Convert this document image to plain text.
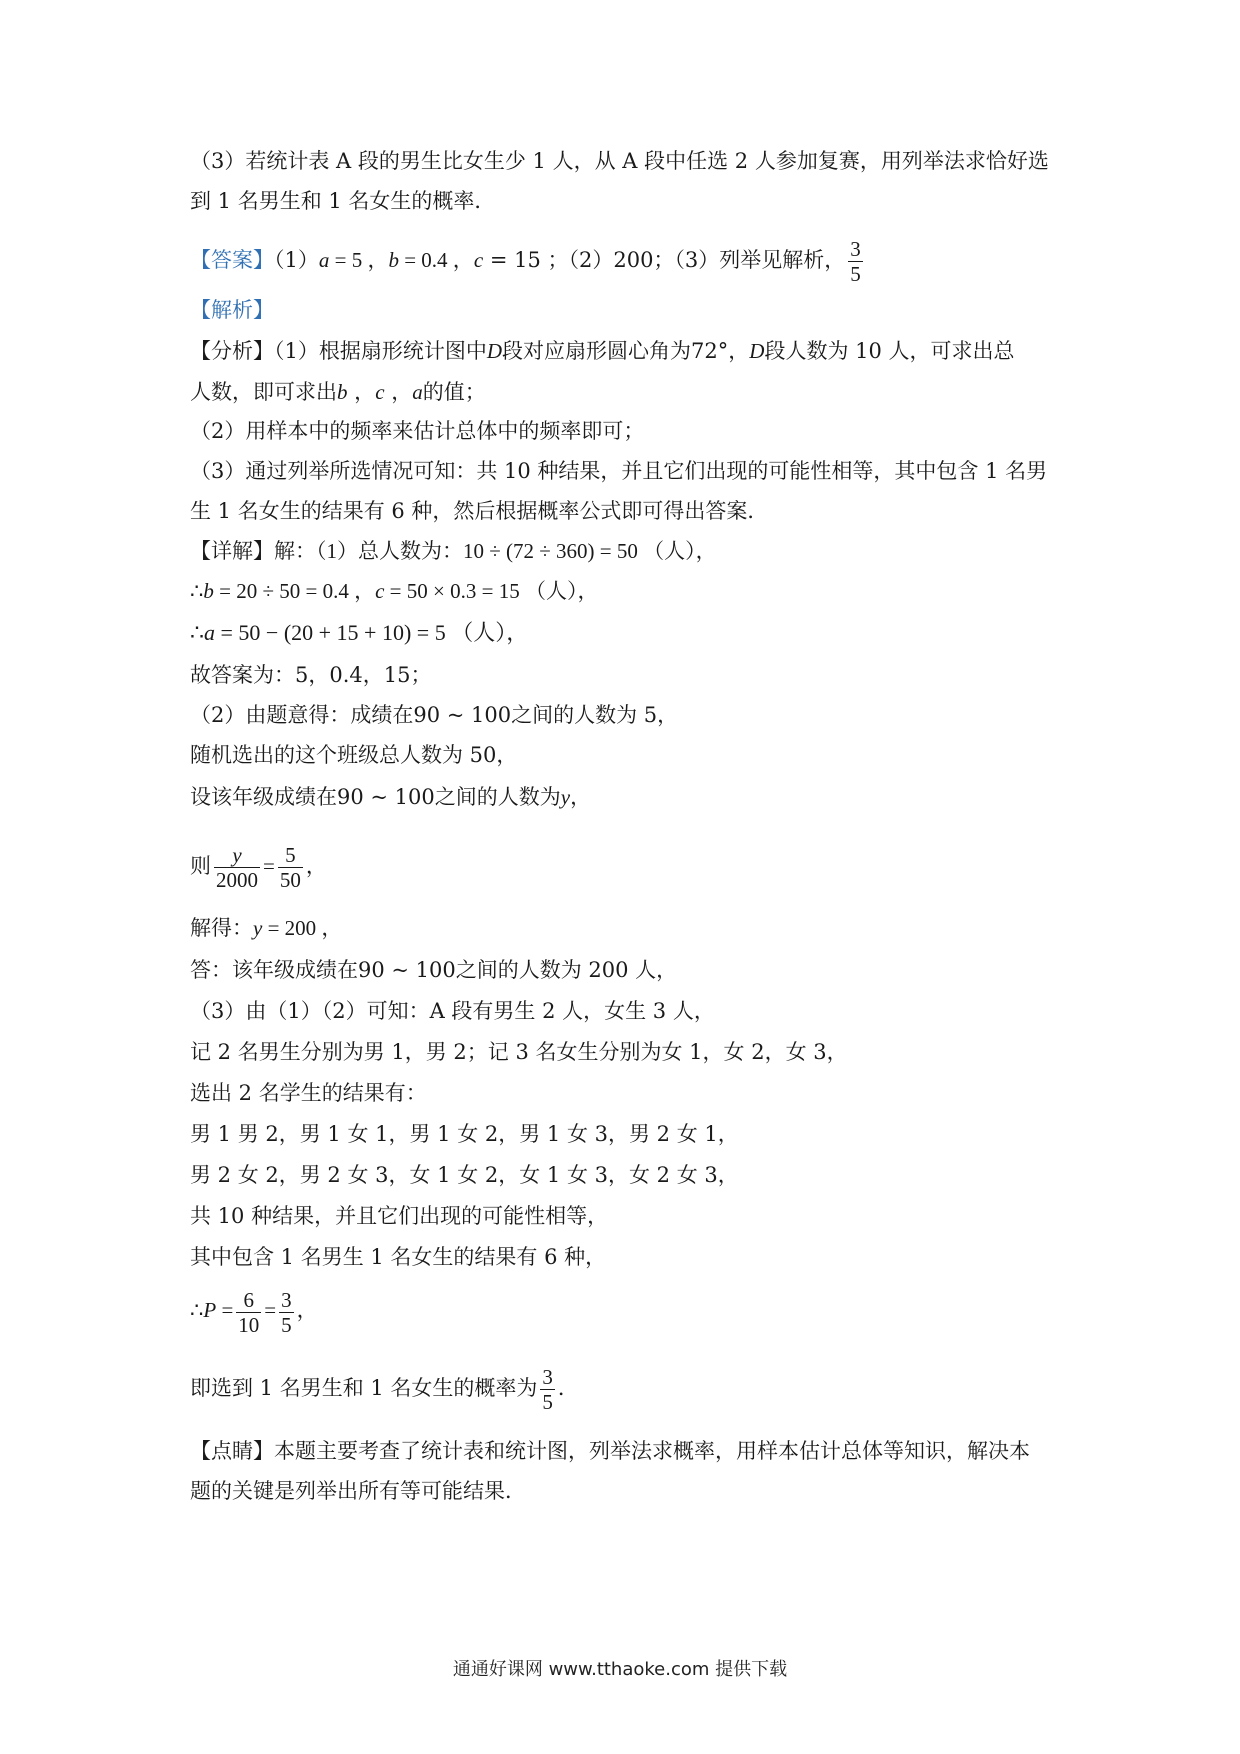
（3）若统计表 A 段的男生比女生少 1 人，从 A 段中任选 2 人参加复赛，用列举法求恰好选
到 1 名男生和 1 名女生的概率．
【答案】（1）a = 5 ，b = 0.4 ，c = 15 ；（2）200；（3）列举见解析， $\frac{3}{5}$
【解析】
【分析】（1）根据扇形统计图中D段对应扇形圆心角为72°，D段人数为 10 人，可求出总
人数，即可求出b ，c ，a的值；
（2）用样本中的频率来估计总体中的频率即可；
（3）通过列举所选情况可知：共 10 种结果，并且它们出现的可能性相等，其中包含 1 名男
生 1 名女生的结果有 6 种，然后根据概率公式即可得出答案．
【详解】解：（1）总人数为：10 ÷ (72 ÷ 360) = 50 （人），
∴b = 20 ÷ 50 = 0.4 ，c = 50 × 0.3 = 15 （人），
∴a = 50 − (20 + 15 + 10) = 5 （人），
故答案为：5，0.4，15；
（2）由题意得：成绩在90 ~ 100之间的人数为 5，
随机选出的这个班级总人数为 50，
设该年级成绩在90 ~ 100之间的人数为y，
则 $\frac{y}{2000} = \frac{5}{50}$ ，
解得：y = 200 ，
答：该年级成绩在90 ~ 100之间的人数为 200 人，
（3）由（1）（2）可知：A 段有男生 2 人，女生 3 人，
记 2 名男生分别为男 1，男 2；记 3 名女生分别为女 1，女 2，女 3，
选出 2 名学生的结果有：
男 1 男 2，男 1 女 1，男 1 女 2，男 1 女 3，男 2 女 1，
男 2 女 2，男 2 女 3，女 1 女 2，女 1 女 3，女 2 女 3，
共 10 种结果，并且它们出现的可能性相等，
其中包含 1 名男生 1 名女生的结果有 6 种，
∴P = $\frac{6}{10} = \frac{3}{5}$ ，
即选到 1 名男生和 1 名女生的概率为 $\frac{3}{5}$ ．
【点睛】本题主要考查了统计表和统计图，列举法求概率，用样本估计总体等知识，解决本
题的关键是列举出所有等可能结果．
通通好课网 www.tthaoke.com 提供下载
